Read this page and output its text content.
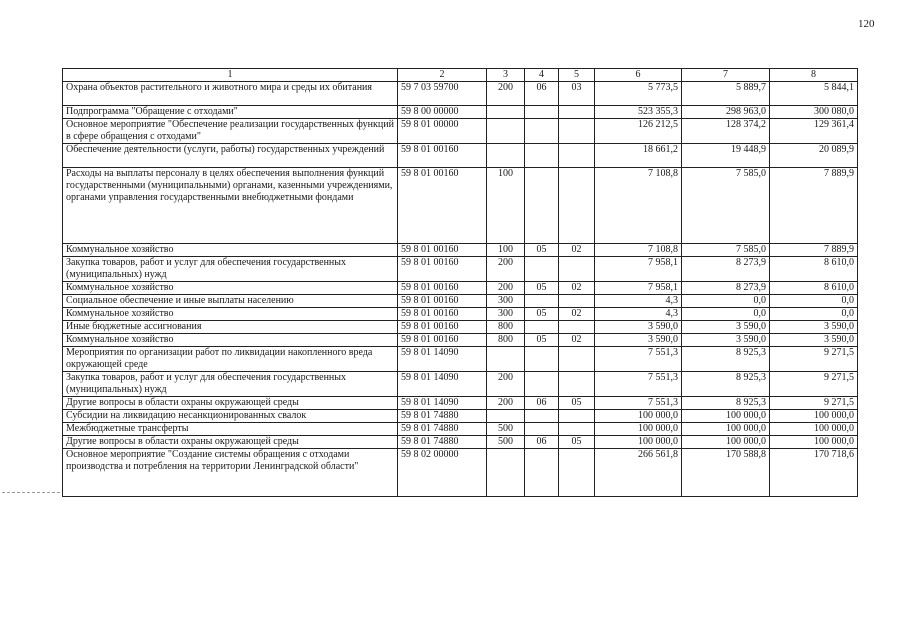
120
1	2	3	4	5	6	7	8
Охрана объектов растительного и животного мира и среды их обитания	59 7 03 59700	200	06	03	5 773,5	5 889,7	5 844,1
Подпрограмма "Обращение с отходами"	59 8 00 00000				523 355,3	298 963,0	300 080,0
Основное мероприятие "Обеспечение реализации государственных функций в сфере обращения с отходами"	59 8 01 00000				126 212,5	128 374,2	129 361,4
Обеспечение деятельности (услуги, работы) государственных учреждений	59 8 01 00160				18 661,2	19 448,9	20 089,9
Расходы на выплаты персоналу в целях обеспечения выполнения функций государственными (муниципальными) органами, казенными учреждениями, органами управления государственными внебюджетными фондами	59 8 01 00160	100			7 108,8	7 585,0	7 889,9
Коммунальное хозяйство	59 8 01 00160	100	05	02	7 108,8	7 585,0	7 889,9
Закупка товаров, работ и услуг для обеспечения государственных (муниципальных) нужд	59 8 01 00160	200			7 958,1	8 273,9	8 610,0
Коммунальное хозяйство	59 8 01 00160	200	05	02	7 958,1	8 273,9	8 610,0
Социальное обеспечение и иные выплаты населению	59 8 01 00160	300			4,3	0,0	0,0
Коммунальное хозяйство	59 8 01 00160	300	05	02	4,3	0,0	0,0
Иные бюджетные ассигнования	59 8 01 00160	800			3 590,0	3 590,0	3 590,0
Коммунальное хозяйство	59 8 01 00160	800	05	02	3 590,0	3 590,0	3 590,0
Мероприятия по организации работ по ликвидации накопленного вреда окружающей среде	59 8 01 14090				7 551,3	8 925,3	9 271,5
Закупка товаров, работ и услуг для обеспечения государственных (муниципальных) нужд	59 8 01 14090	200			7 551,3	8 925,3	9 271,5
Другие вопросы в области охраны окружающей среды	59 8 01 14090	200	06	05	7 551,3	8 925,3	9 271,5
Субсидии на ликвидацию несанкционированных свалок	59 8 01 74880				100 000,0	100 000,0	100 000,0
Межбюджетные трансферты	59 8 01 74880	500			100 000,0	100 000,0	100 000,0
Другие вопросы в области охраны окружающей среды	59 8 01 74880	500	06	05	100 000,0	100 000,0	100 000,0
Основное мероприятие "Создание системы обращения с отходами производства и потребления на территории Ленинградской области"	59 8 02 00000				266 561,8	170 588,8	170 718,6
